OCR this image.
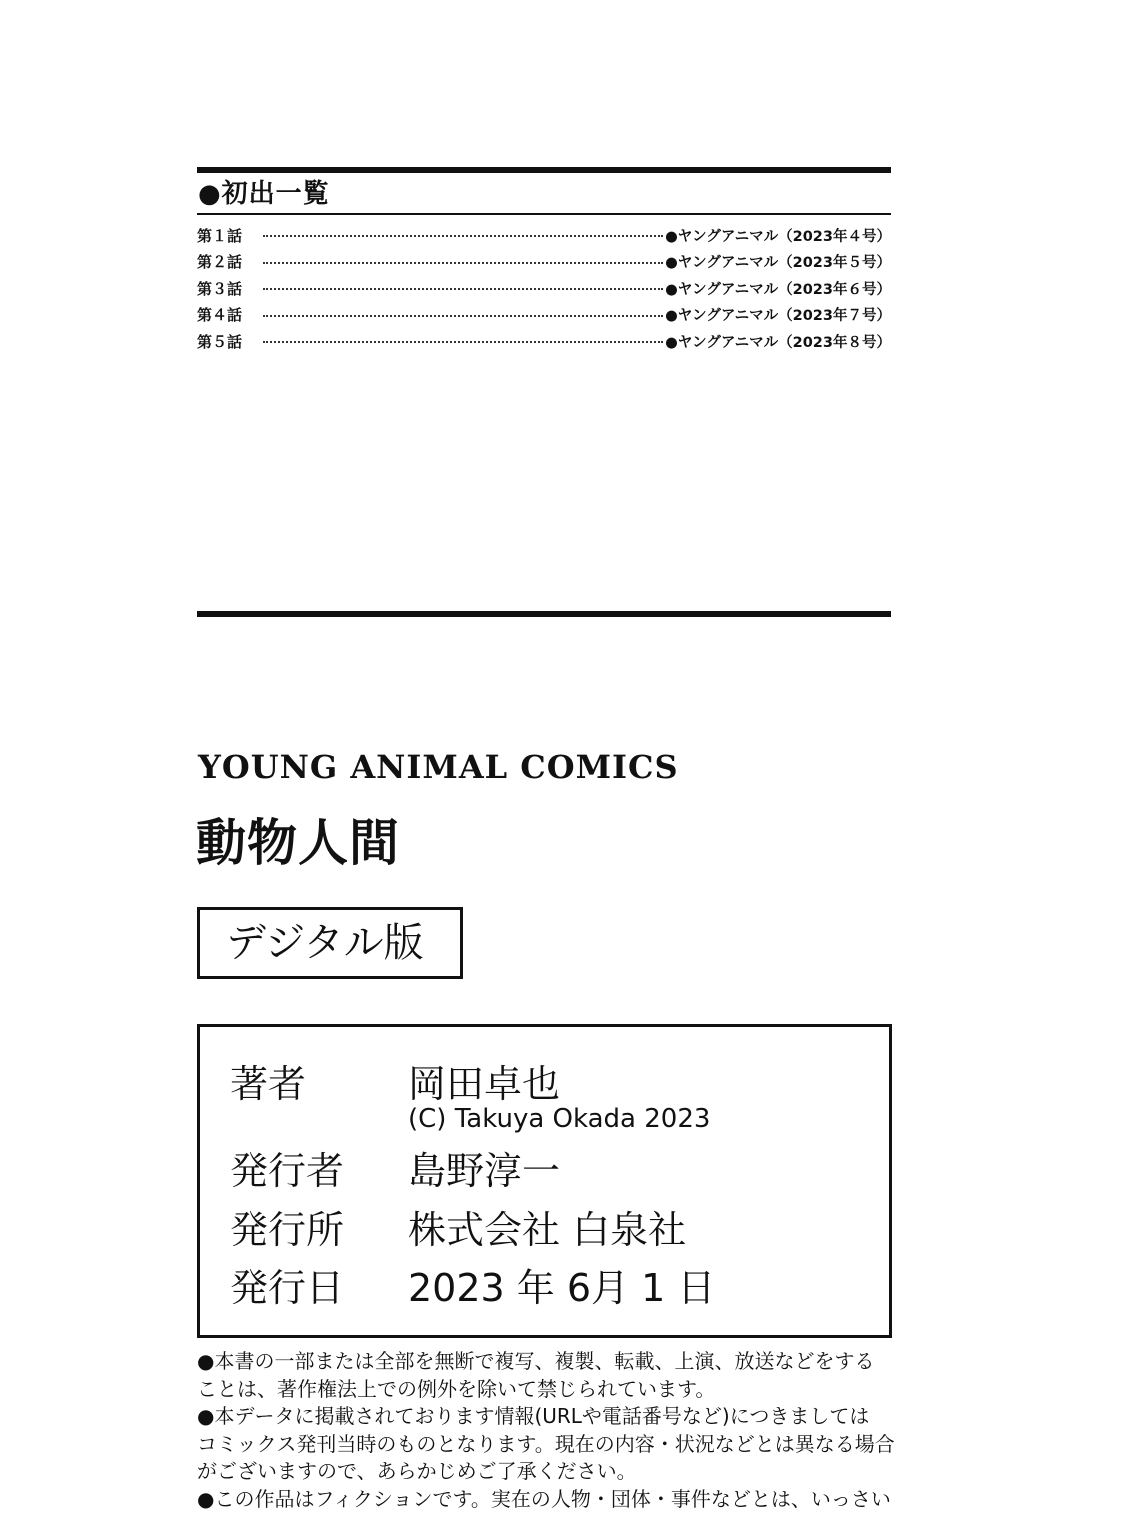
●初出一覧
第１話	●ヤングアニマル（2023年４号）
第２話	●ヤングアニマル（2023年５号）
第３話	●ヤングアニマル（2023年６号）
第４話	●ヤングアニマル（2023年７号）
第５話	●ヤングアニマル（2023年８号）
YOUNG ANIMAL COMICS
動物人間
デジタル版
著者	岡田卓也
(C) Takuya Okada 2023
発行者 島野淳一
発行所 株式会社 白泉社
発行日 2023 年 6月 1 日
●本書の一部または全部を無断で複写、複製、転載、上演、放送などをする
ことは、著作権法上での例外を除いて禁じられています。
●本データに掲載されております情報(URLや電話番号など)につきましては
コミックス発刊当時のものとなります。現在の内容・状況などとは異なる場合
がございますので、あらかじめご了承ください。
●この作品はフィクションです。実在の人物・団体・事件などとは、いっさい
